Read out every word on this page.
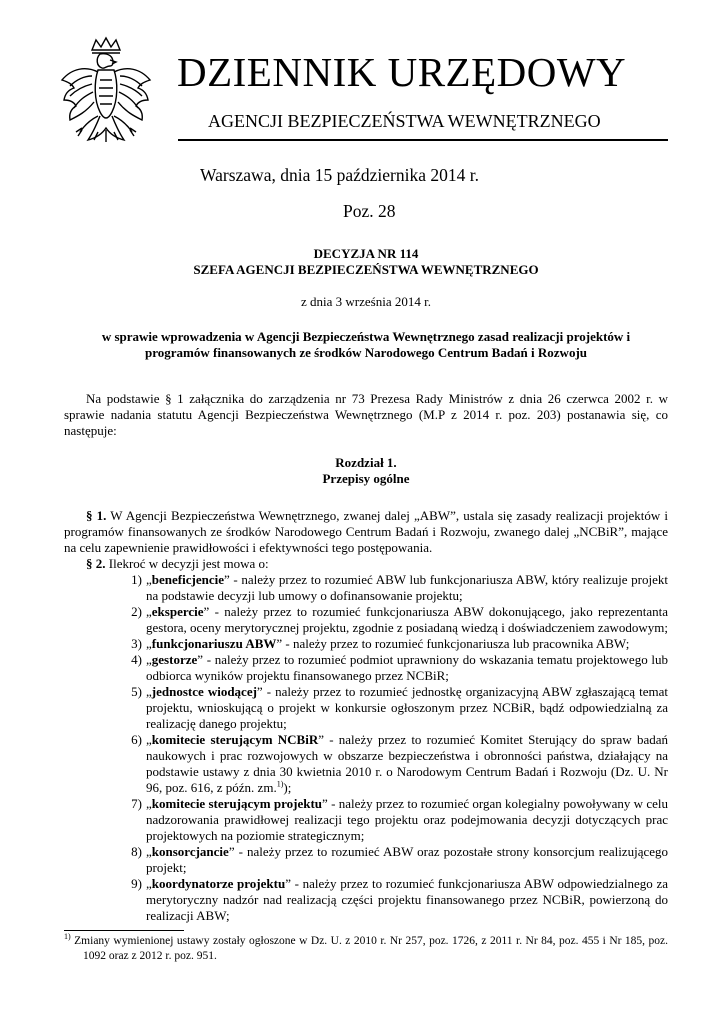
DZIENNIK URZĘDOWY
AGENCJI BEZPIECZEŃSTWA WEWNĘTRZNEGO
Warszawa, dnia 15 października 2014 r.
Poz. 28

DECYZJA NR 114

SZEFA AGENCJI BEZPIECZEŃSTWA WEWNĘTRZNEGO

z dnia 3 września 2014 r.

w sprawie wprowadzenia w Agencji Bezpieczeństwa Wewnętrznego zasad realizacji projektów i
programów finansowanych ze środków Narodowego Centrum Badań i Rozwoju

Na podstawie § 1 załącznika do zarządzenia nr 73 Prezesa Rady Ministrów z dnia 26 czerwca 2002 r. w sprawie nadania statutu Agencji Bezpieczeństwa Wewnętrznego (M.P z 2014 r. poz. 203) postanawia się, co następuje:

Rozdział 1.
Przepisy ogólne

§ 1. W Agencji Bezpieczeństwa Wewnętrznego, zwanej dalej „ABW”, ustala się zasady realizacji projektów i programów finansowanych ze środków Narodowego Centrum Badań i Rozwoju, zwanego dalej „NCBiR”, mające na celu zapewnienie prawidłowości i efektywności tego postępowania.

§ 2. Ilekroć w decyzji jest mowa o:

1) „beneficjencie” - należy przez to rozumieć ABW lub funkcjonariusza ABW, który realizuje projekt na podstawie decyzji lub umowy o dofinansowanie projektu;
2) „ekspercie” - należy przez to rozumieć funkcjonariusza ABW dokonującego, jako reprezentanta gestora, oceny merytorycznej projektu, zgodnie z posiadaną wiedzą i doświadczeniem zawodowym;
3) „funkcjonariuszu ABW” - należy przez to rozumieć funkcjonariusza lub pracownika ABW;
4) „gestorze” - należy przez to rozumieć podmiot uprawniony do wskazania tematu projektowego lub odbiorca wyników projektu finansowanego przez NCBiR;
5) „jednostce wiodącej” - należy przez to rozumieć jednostkę organizacyjną ABW zgłaszającą temat projektu, wnioskującą o projekt w konkursie ogłoszonym przez NCBiR, bądź odpowiedzialną za realizację danego projektu;
6) „komitecie sterującym NCBiR” - należy przez to rozumieć Komitet Sterujący do spraw badań naukowych i prac rozwojowych w obszarze bezpieczeństwa i obronności państwa, działający na podstawie ustawy z dnia 30 kwietnia 2010 r. o Narodowym Centrum Badań i Rozwoju (Dz. U. Nr 96, poz. 616, z późn. zm.$^{1)}$);
7) „komitecie sterującym projektu” - należy przez to rozumieć organ kolegialny powoływany w celu nadzorowania prawidłowej realizacji tego projektu oraz podejmowania decyzji dotyczących prac projektowych na poziomie strategicznym;
8) „konsorcjancie” - należy przez to rozumieć ABW oraz pozostałe strony konsorcjum realizującego projekt;
9) „koordynatorze projektu” - należy przez to rozumieć funkcjonariusza ABW odpowiedzialnego za merytoryczny nadzór nad realizacją części projektu finansowanego przez NCBiR, powierzoną do realizacji ABW;
$^{1)}$ Zmiany wymienionej ustawy zostały ogłoszone w Dz. U. z 2010 r. Nr 257, poz. 1726, z 2011 r. Nr 84, poz. 455 i Nr 185, poz. 1092 oraz z 2012 r. poz. 951.
